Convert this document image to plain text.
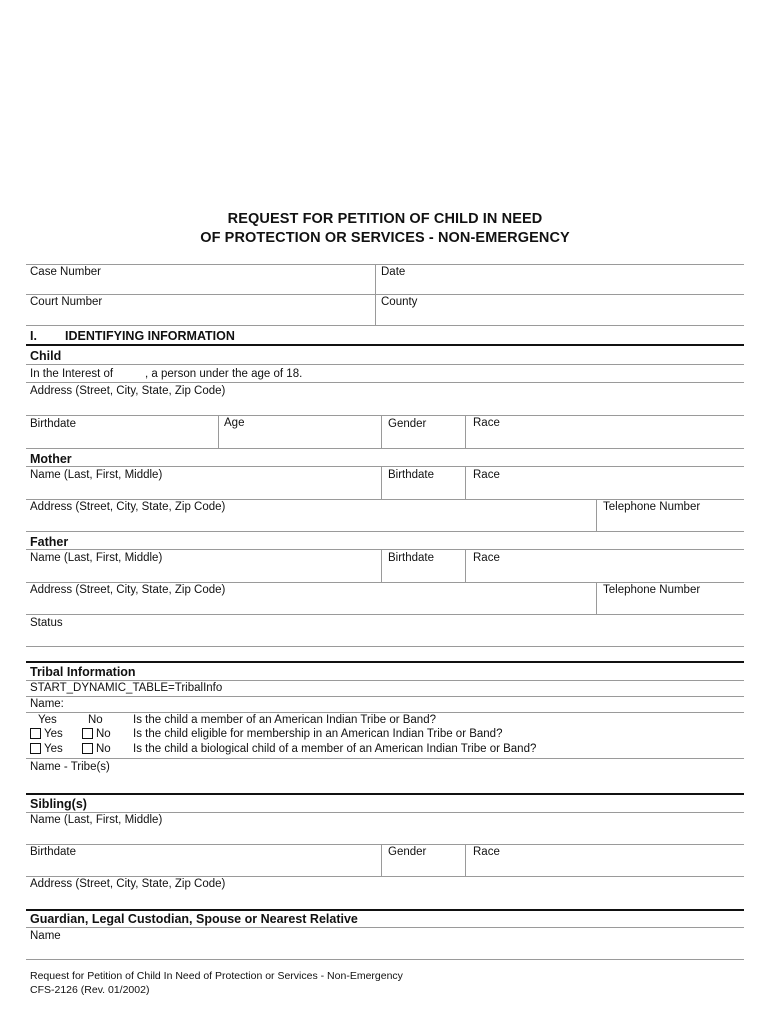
REQUEST FOR PETITION OF CHILD IN NEED
OF PROTECTION OR SERVICES - NON-EMERGENCY
Case Number	Date
Court Number	County
I. IDENTIFYING INFORMATION
Child
In the Interest of	, a person under the age of 18.
Address (Street, City, State, Zip Code)
Birthdate	Age	Gender	Race
Mother
Name (Last, First, Middle)	Birthdate	Race
Address (Street, City, State, Zip Code)	Telephone Number
Father
Name (Last, First, Middle)	Birthdate	Race
Address (Street, City, State, Zip Code)	Telephone Number
Status
Tribal Information
START_DYNAMIC_TABLE=TribalInfo
Name:
Yes	No	Is the child a member of an American Indian Tribe or Band?
Yes	No Is the child eligible for membership in an American Indian Tribe or Band?
Yes	No Is the child a biological child of a member of an American Indian Tribe or Band?
Name - Tribe(s)
Sibling(s)
Name (Last, First, Middle)
Birthdate	Gender	Race
Address (Street, City, State, Zip Code)
Guardian, Legal Custodian, Spouse or Nearest Relative
Name
Request for Petition of Child In Need of Protection or Services - Non-Emergency
CFS-2126 (Rev. 01/2002)
